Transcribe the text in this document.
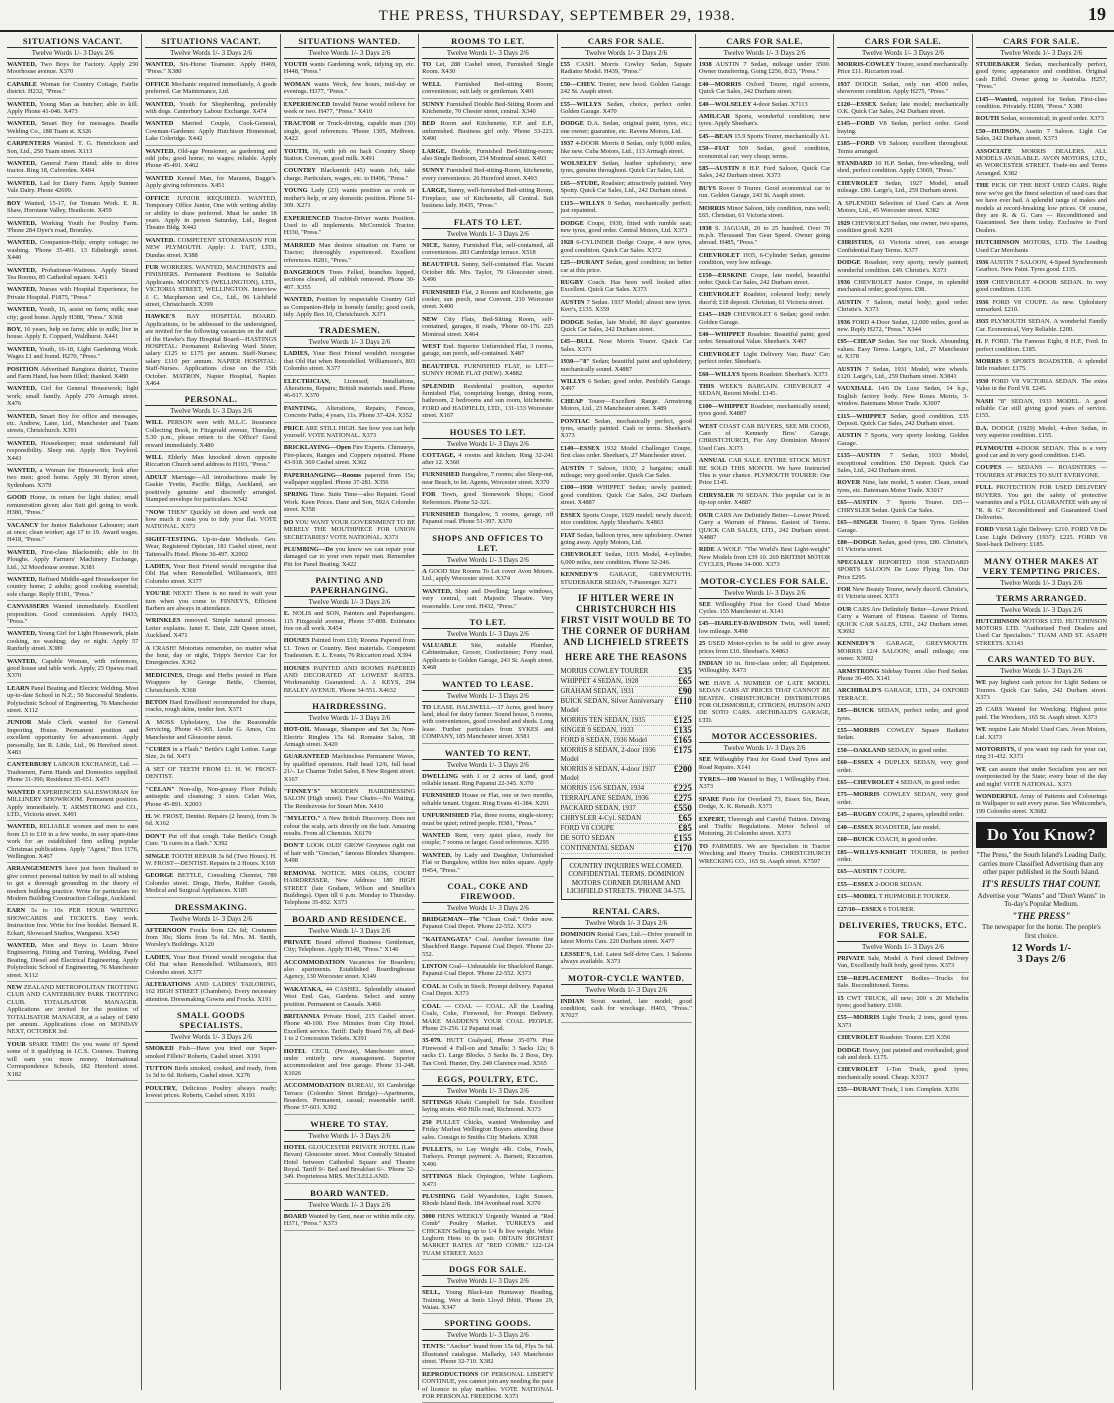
THE PRESS, THURSDAY, SEPTEMBER 29, 1938.	19
SITUATIONS VACANT.
Twelve Words 1/- 3 Days 2/6

WANTED, Two Boys for Factory. Apply 250 Moorhouse avenue. X370

CAPABLE Woman for Country Cottage, Fairlie district. H232, "Press."

WANTED, Young Man as butcher; able to kill. Apply Phone 41-046. X473

WANTED, Smart Boy for messages. Beadle Welding Co., 188 Tuam st. X326

CARPENTERS Wanted. T. G. Henrickson and Son, Ltd., 250 Tuam street. X113

WANTED, General Farm Hand; able to drive tractor. Ring 18, Culverden. X484

WANTED, Lad for Dairy Farm. Apply Sumner Vale Dairy. Phone 42699.

BOY Wanted, 15-17, for Tomato Work. E. R. Shaw, Horotane Valley, Heathcote. X459

WANTED, Working Youth for Poultry Farm. 'Phone 284 Dyer's road, Bromley.

WANTED, Companion-Help; empty cottage; no washing. 'Phone 35-491. 13 Edinburgh street. X440

WANTED, Probationer-Waitress. Apply Strand Tea Rooms, 85 Cathedral square. X451

WANTED, Nurses with Hospital Experience, for Private Hospital. P1875, "Press."

WANTED, Youth, 16, assist on farm; milk; near city; good home. Apply H388, "Press." X368

BOY, 16 years, help on farm; able to milk; live in house. Apply E. Coppard, Waldhurst. X441

WANTED, Youth, 16-18, Light Gardening Work. Wages £1 and found. H270, "Press."

POSITION Advertised Rangiora district, Tractor and Farm Hand, has been filled; thanked. X480

WANTED, Girl for General Housework; light work; small family. Apply 270 Armagh street. X476

WANTED, Smart Boy for office and messages, etc. Andrew, Lane, Ltd., Manchester and Tuam streets, Christchurch. X391

WANTED, Housekeeper; must understand full responsibility. Sleep out. Apply Box Twyford. X443

WANTED, a Woman for Housework; look after two men; good home. Apply 30 Byron street, Sydenham. X379

GOOD Home, in return for light duties; small remuneration given; also Suit girl going to work. H380, "Press."

VACANCY for Junior Bakehouse Labourer; start at once; clean worker; age 17 to 19. Award wages. H418, "Press."

WANTED, First-class Blacksmith; able to fit Ploughs. Apply Farmers' Machinery Exchange, Ltd., 32 Moorhouse avenue. X381

WANTED, Refined Middle-aged Housekeeper for country home; 2 adults; good cooking essential; sole charge. Reply H181, "Press."

CANVASSERS Wanted immediately. Excellent proposition. Good commission. Apply H433, "Press."

WANTED, Young Girl for Light Housework, plain cooking, no washing; day or night. Apply 57 Ranfurly street. X380

WANTED, Capable Woman, with references, good house and table work. Apply, 25 Opawa road. X370

LEARN Panel Beating and Electric Welding. Most up-to-date School in N.Z.; 50 Successful Students. Polytechnic School of Engineering, 76 Manchester street. X112

JUNIOR Male Clerk wanted for General Importing House. Permanent position and excellent opportunity for advancement. Apply personally, Ian R. Little, Ltd., 96 Hereford street. X483

CANTERBURY LABOUR EXCHANGE, Ltd. — Tradesmen, Farm Hands and Domestics supplied. Phone 31-396; Residence 35-651. X473

WANTED EXPERIENCED SALESWOMAN for MILLINERY SHOWROOM. Permanent position. Apply immediately. T. ARMSTRONG and CO., LTD., Victoria street. X491

WANTED, RELIABLE women and men to earn from £3 to £10 in a few weeks, in easy spare-time work for an established firm selling popular Christmas publications. Apply "Agent," Box 1176, Wellington. X467

ARRANGEMENTS have just been finalised to give correct personal tuition by mail to all wishing to get a thorough grounding in the theory of modern building practice. Write for particulars to: Modern Building Construction College, Auckland.

EARN 5s to 10s PER HOUR WRITING SHOWCARDS and TICKETS. Easy work. Instruction free. Write for free booklet. Bernard R. Eckart, Showcard Studios, Wanganui. X543

WANTED, Men and Boys to Learn Motor Engineering, Fitting and Turning, Welding, Panel Beating, Diesel and Electrical Engineering. Apply Polytechnic School of Engineering, 76 Manchester street. X112

NEW ZEALAND METROPOLITAN TROTTING CLUB AND CANTERBURY PARK TROTTING CLUB. TOTALISATOR MANAGER. Applications are invited for the position of TOTALISATOR MANAGER, at a salary of £400 per annum. Applications close on MONDAY NEXT, OCTOBER 3rd.

YOUR SPARE TIME! Do you waste it? Spend some of it qualifying in I.C.S. Courses. Training will earn you more money. International Correspondence Schools, 182 Hereford street. X182

SITUATIONS VACANT.
Twelve Words 1/- 3 Days 2/6

WANTED, Six-Horse Teamster. Apply H469, "Press." X380

OFFICE Mechanic required immediately, A grade preferred. Car Maintenance, Ltd.

WANTED, Youth for Shepherding, preferably with dogs. Canterbury Labour Exchange. X474

WANTED Married Couple, Cook-General, Cowman-Gardener. Apply Hutchison Homestead, Lake Coleridge. X442

WANTED, Old-age Pensioner, as gardening and odd jobs; good home; no wages; reliable. Apply Phone 45-491. X462

WANTED Kennel Man, for Maranui, Bagge's. Apply giving references. X451

OFFICE JUNIOR REQUIRED. WANTED, Temporary Office Junior, One with writing ability or ability to draw preferred. Must be under 18 years. Apply in person Saturday, Ltd., Regent Theatre Bldg. X442

WANTED. COMPETENT STONEMASON FOR NEW PLYMOUTH. Apply: J. TAIT, LTD., Dundas street. X388

FUR WORKERS. WANTED, MACHINISTS and FINISHERS. Permanent Positions to Suitable Applicants. MOONEYS (WELLINGTON), LTD., VICTORIA STREET, WELLINGTON. Interview J. C. Macpherson and Co., Ltd., 96 Lichfield street, Christchurch. X399

HAWKE'S BAY HOSPITAL BOARD. Applications, to be addressed to the undersigned, are invited for the following vacancies on the staff of the Hawke's Bay Hospital Board—HASTINGS HOSPITAL: Permanent Relieving Ward Sister; salary £125 to £175 per annum. Staff-Nurses; salary £110 per annum. NAPIER HOSPITAL: Staff-Nurses. Applications close on the 15th October. MATRON, Napier Hospital, Napier. X464

PERSONAL.
Twelve Words 1/- 3 Days 2/6

WILL PERSON seen with M.L.C. Insurance Collecting Book, in Fitzgerald avenue, Thursday, 5.30 p.m., please return to the Office? Good reward immediately. X480

WILL Elderly Man knocked down opposite Riccarton Church send address to H193, "Press."

ADULT Marriage—All introductions made by Gaskie Yvette, Pacific Bldgs, Auckland, are positively genuine and discreetly arranged. Stamped envelope for particulars. X542

"NOW THEN" Quickly sit down and work out how much it costs you to tidy your flat. VOTE NATIONAL. X373

SIGHT-TESTING. Up-to-date Methods. Geo. Wear, Registered Optician, 181 Cashel street, next Tattersall's Hotel. Phone 36-497. X2002

LADIES, Your Best Friend would recognise that Old Hat when Remodelled. Williamson's, 803 Colombo street. X377

YOU'RE NEXT! There is no need to wait your turn when you come to FINNEY'S, Efficient Barbers are always in attendance.

WRINKLES removed. Simple natural process. Letter explains. Janet E. Date, 228 Queen street, Auckland. X471

A CRASH! Motorists remember, no matter what the hour, day or night, Tripp's Service Car for Emergencies. X362

MEDICINES, Drugs and Herbs posted in Plain Wrappers by George Bettle, Chemist, Christchurch. X368

BETON Hard Emollient! recommended for chaps, cracks, rough skins, tender feet. X371

A MOSS Upholstery, Use the Reasonable Servicing, Phone 43-365. Leslie G. Amos, Cnr. Manchester and Gloucester street.

"CURES in a Flash." Bettle's Light Lotion. Large Size, 2s 6d. X471

A SET OF TEETH FROM £1. H. W. FROST-DENTIST.

"CELAN" Non-slip, Non-greasy Floor Polish; antiseptic and cleansing; 3 sizes. Celan Wax, Phone 45-891. X2003

H. W. FROST, Dentist. Repairs (2 hours), from 3s 6d. X162

DON'T Put off that cough. Take Bettle's Cough Cure. "It cures in a flash." X392

SINGLE TOOTH REPAIR 3s 6d (Two Hours). H. W. FROST—DENTIST. Repairs in 2 Hours. X169

GEORGE BETTLE, Consulting Chemist, 789 Colombo street. Drugs, Herbs, Rubber Goods, Medical and Surgical Appliances. X185

DRESSMAKING.
Twelve Words 1/- 3 Days 2/6

AFTERNOON Frocks from 12s 6d; Costumes from 30s; Skirts from 5s 6d. Mrs. M. Smith, Worsley's Buildings. X120

LADIES, Your Best Friend would recognise that Old Hat when Remodelled. Williamson's, 803 Colombo street. X377

ALTERATIONS AND LADIES' TAILORING, 162 HIGH STREET (Chambers). Every necessary attention. Dressmaking Gowns and Frocks. X191

SMALL GOODS SPECIALISTS.
Twelve Words 1/- 3 Days 2/6

SMOKED Fish—Have you tried our Super-smoked Fillets? Roberts, Cashel street. X191

TUTTON Birds smoked, cooked, and ready, from 1s 3d to 6d. Roberts, Cashel street. X276

POULTRY, Delicious Poultry always ready; lowest prices. Roberts, Cashel street. X191

SITUATIONS WANTED.
Twelve Words 1/- 3 Days 2/6

YOUTH wants Gardening work, tidying up, etc. H448, "Press."

WOMAN wants Work, few hours, mid-day or evenings. H377, "Press."

EXPERIENCED Invalid Nurse would relieve for week or two. H477, "Press." X410

TRACTOR or Truck-driving, capable man (30) single, good references. 'Phone 1305, Methven. X422

YOUTH, 16, with job on hack Country Sheep Station. Cowman, good milk. X491

COUNTRY Blacksmith (45) wants Job, take charge. Particulars, wages, etc. to H496, "Press."

YOUNG Lady (23) wants position as cook or mother's help, or any domestic position. Phone 51-309. X271

EXPERIENCED Tractor-Driver wants Position. Used to all implements. McCormick Tractor. H330, "Press."

MARRIED Man desires situation on Farm or Tractor; thoroughly experienced. Excellent references. H281, "Press."

DANGEROUS Trees Felled, branches lopped, sections cleared, all rubbish removed. Phone 30-407. X355

WANTED, Position by respectable Country Girl as Companion-Help in homely family; good cook, tidy. Apply Box 10, Christchurch. X371

TRADESMEN.
Twelve Words 1/- 3 Days 2/6

LADIES, Your Best Friend wouldn't recognise that Old Hat when Remodelled. Williamson's, 803 Colombo street. X377

ELECTRICIAN, Licensed; Installations, Alterations, Repairs; British materials used. Phone 46-017. X370

PAINTING, Alterations, Repairs, Fences, Concrete Paths; 4 years, 11s. Phone 37-424. X352

PRICE ARE STILL HIGH. See how you can help yourself. VOTE NATIONAL. X373

BRICKLAYING—Open Fire Experts. Chimneys, Fire-places, Ranges and Coppers repaired. Phone 43-918. 369 Cashel street. X362

PAPERHANGING—Rooms papered from 15s; wallpaper supplied. Phone 37-281. X356

SPRING Time. Suits Time—also Repaint. Good Work. Keen Prices. Dane and Son, 592A Colombo street. X358

DO YOU WANT YOUR GOVERNMENT TO BE MERELY THE MOUTHPIECE FOR UNION SECRETARIES? VOTE NATIONAL. X373

PLUMBING—Do you know we can repair your damaged car to your own repair man. Remember Pitt for Panel Beating. X422

PAINTING AND PAPERHANGING.
Twelve Words 1/- 3 Days 2/6

E. NOLIS and SON, Painters and Paperhangers. 115 Fitzgerald avenue, Phone 37-808. Estimates free on all work. X454

HOUSES Painted from £10; Rooms Papered from £1. Town or Country. Best materials. Competent Tradesmen. E. L. Evans, 76 Riccarton road. X394

HOUSES PAINTED AND ROOMS PAPERED AND DECORATED AT LOWEST RATES. Workmanship Guaranteed. A. J. KEYS, 294 BEALEY AVENUE. 'Phone 34-551. X4632

HAIRDRESSING.
Twelve Words 1/- 3 Days 2/6

HOT-OIL Massage, Shampoo and Set 3s; Non-Electric Ringlets 15s 6d. Romaine Salon, 38 Armagh street. X420

GUARANTEED Machineless Permanent Waves, by qualified operators. Half head 12/6, full head 21/-. Le Charme Toilet Salon, 8 New Regent street. X167

"FINNEY'S" MODERN HAIRDRESSING SALON (High street). Four Chairs—No Waiting. The Rendezvous for Smart Men. X410

"MYLETO." A New British Discovery. Does not colour the scalp, acts directly on the hair. Amazing results. From all Chemists. X6179

DON'T LOOK OLD! GROW Greyness right out of hair with "Grecian," famous Blondex Shampoo. X498

REMOVAL NOTICE. MRS OLDS, COURT HAIRDRESSER, New Address: 180 HIGH STREET (late Graham, Wilson and Smellie's Buildings). Open till 6 p.m. Monday to Thursday. Telephone 35-852. X373

BOARD AND RESIDENCE.
Twelve Words 1/- 3 Days 2/6

PRIVATE Board offered Business Gentleman, City; Telephone. Apply H148, "Press." X146

ACCOMMODATION Vacancies for Boarders; also apartments. Established Boardinghouse Agency, 130 Worcester street. X149

WAKATAKA, 44 CASHEL. Splendidly situated West End. Gas, Gardens. Select and sunny position. Permanent or Casuals. X466

BRITANNIA Private Hotel, 215 Cashel street. Phone 40-100. Five Minutes from City Hotel. Excellent service. Tariff: Daily Board 7/6, all Bed-1 to 2 Concession Tickets. X391

HOTEL CECIL (Private), Manchester street, under entirely new management. Superior accommodation and free garage. Phone 31-248. X1026

ACCOMMODATION BUREAU, 93 Cambridge Terrace (Colombo Street Bridge)—Apartments, Boarders. Permanent, casual; reasonable tariff. Phone 37-603. X392

WHERE TO STAY.
Twelve Words 1/- 3 Days 2/6

HOTEL GLOUCESTER PRIVATE HOTEL (Late Bevan) Gloucester street. Most Centrally Situated Hotel between Cathedral Square and Theatre Royal. Tariff 9/- Bed and Breakfast 6/-. 'Phone 32-349. Proprietress MRS. McCLELLAND.

BOARD WANTED.
Twelve Words 1/- 3 Days 2/6

BOARD Wanted by Gent, near or within mile city. H371, "Press." X373

ROOMS TO LET.
Twelve Words 1/- 3 Days 2/6

TO Let, 288 Cashel street, Furnished Single Room. X430

WELL Furnished Bed-sitting Room; conveniences; suit lady or gentleman. X401

SUNNY Furnished Double Bed-Sitting Room and Kitchenette, 70 Chester street, central. X340

BED Room and Kitchenette, F.P. and E.P., unfurnished. Business girl only. 'Phone 33-223. X490

LARGE, Double, Furnished Bed-Sitting-room; also Single Bedroom, 234 Montreal street. X493

SUNNY Furnished Bed-sitting-Room, kitchenette, every convenience. 26 Hereford street. X493

LARGE, Sunny, well-furnished Bed-sitting Room, Fireplace, use of Kitchenette, all Central. Suit business lady. H435, "Press."

FLATS TO LET.
Twelve Words 1/- 3 Days 2/6

NICE, Sunny, Furnished Flat, self-contained, all conveniences. 283 Cambridge terrace. X518

BEAUTIFUL Sunny, Self-contained Flat. Vacant October 8th. Mrs. Taylor, 79 Gloucester street. X496

FURNISHED Flat, 2 Rooms and Kitchenette, gas cooker, sun porch, near Convent. 210 Worcester street. X400

NEW City Flats, Bed-Sitting Room, self-contained, garages, 8 roads, 'Phone 60-176. 225 Montreal street. X464

WEST End. Superior Unfurnished Flat, 3 rooms, garage, sun porch, self-contained. X487

BEAUTIFUL FURNISHED FLAT, to LET—SUNNY HOME FLAT (NEW). X4882

SPLENDID Residential position, superior furnished Flat, comprising lounge, dining room, bathroom, 2 bedrooms and sun room, kitchenette. FORD and HADFIELD, LTD., 131-133 Worcester street. X167

HOUSES TO LET.
Twelve Words 1/- 3 Days 2/6

COTTAGE, 4 rooms and kitchen. Ring 32-241 after 12. X360

FURNISHED Bungalow, 7 rooms; also Sleep-out, near Beach, to let. Agents, Worcester street. X370

FOR Town, good Stonework Shops; Good References. Phone 52-321.

FURNISHED Bungalow, 5 rooms, garage, off Papanui road. Phone 51-397. X370

SHOPS AND OFFICES TO LET.
Twelve Words 1/- 3 Days 2/6

A GOOD Size Rooms To Let cover Avon Motors. Ltd., apply Worcester street. X374

WANTED, Shop and Dwelling; large windows, very central, suit Majestic Theatre. Very reasonable. Low rent. H432, "Press."

TO LET.
Twelve Words 1/- 3 Days 2/6

VALUABLE Site, suitable Plumber, Cabinetmaker, Grocer, Confectioner; Ferry road. Applicants to Golden Garage, 243 St. Asaph street. X468

WANTED TO LEASE.
Twelve Words 1/- 3 Days 2/6

TO LEASE. HALSWELL—37 Acres, good heavy land, ideal for dairy farmer. Sound house, 5 rooms, with conveniences, good cowshed and sheds. Long lease. Further particulars from SYKES and COMPANY, 185 Manchester street. X581

WANTED TO RENT.
Twelve Words 1/- 3 Days 2/6

DWELLING with 1 or 2 acres of land, good reliable tenant. Ring Papanui 22-345. X370

FURNISHED House or Flat, one or two months, reliable tenant. Urgent. Ring Evans 41-384. X291

UNFURNISHED Flat, three rooms, single-storey; must be quiet; retired people. H381, "Press."

WANTED Rent, very quiet place, ready for couple; 7 rooms or larger. Good references. X295

WANTED, by Lady and Daughter, Unfurnished Flat or Bungalow, within two miles square. Apply H454, "Press."

COAL, COKE AND FIREWOOD.
Twelve Words 1/- 3 Days 2/6

BRIDGEMAN—The "Clean Coal." Order now. Papanui Coal Depot. 'Phone 22-552. X373

"KAITANGATA" Coal. Another favourite fine Shackford Range. Papanui Coal Depot. 'Phone 22-552.

LINTON Coal—Unbeatable for Shackford Range. Papanui Coal Depot. 'Phone 22-552. X373

COAL in Coils in Stock. Prompt delivery. Papanui Coal Depot. X373

COAL — COAL — COAL. All the Leading Coals, Coke, Firewood, for Prompt Delivery. MAKE MADDEN'S YOUR COAL PEOPLE. Phone 23-256. 12 Papanui road.

35-079. HUTT Coalyard, Phone 35-079. Pine Firewood 4 Full-on and Smalls: 3 Sacks 12s; 6 sacks £1. Large Blocks. 3 Sacks 8s. 2 Boss, Dry. Tan Cord. Hunter, Dry. 249 Clarence road. X565

EGGS, POULTRY, ETC.
Twelve Words 1/- 3 Days 2/6

SITTINGS Khaki Campbell for Sale. Excellent laying strain. 460 Hills road, Richmond. X373

250 PULLET Chicks, wanted Wednesday and Friday Marlest Wellington Buyers attending those sales. Consign to Smiths City Markets. X398

PULLETS, to Lay Weight 4lb. Cobs, Fowls, Turkeys. Prompt payment. A. Barnett, Riccarton. X496

SITTINGS Black Orpington, White Leghorn. X473

PLUSHING Gold Wyandottes, Light Sussex. Rhode Island Reds. 184 Avonhead road. X370

3000 HENS WEEKLY Urgently Wanted at "Red Comb" Poultry Market. TURKEYS and CHICKEN Selling up to 1/4 lb live weight. White Leghorn Hens to 8s pair. OBTAIN HIGHEST MARKET RATES AT "RED COMB." 122-124 TUAM STREET. X633

DOGS FOR SALE.
Twelve Words 1/- 3 Days 2/6

SELL, Young Black-tan Huntaway Heading, Training, Weir at Innis Lloyd Ibbitt. 'Phone 29, Waiau. X347

SPORTING GOODS.
Twelve Words 1/- 3 Days 2/6

TENTS: "Anchor" brand from 15s 6d, Flys 5s 6d. Illustrated catalogue. Mallarky, 143 Manchester street. 'Phone 32-710. X382

REPRODUCTIONS OF PERSONAL LIBERTY CONTINUE, you cannot join any needing the pace of licence to play marbles. VOTE NATIONAL FOR PERSONAL FREEDOM. X373

CARS FOR SALE.
Twelve Words 1/- 3 Days 2/6

£55 CASH. Morris Cowley Sedan, Square Radiator Model. H439, "Press."

£50—CHEV. Tourer, new hood. Golden Garage. 242 St. Asaph street.

£55—WILLYS Sedan, choice, perfect order. Golden Garage. X470

DODGE D.A. Sedan, original paint, tyres, etc.; one owner; guarantee, etc. Ravens Motors, Ltd.

1937 4-DOOR Morris 8 Sedan, only 9,000 miles, like new. Cuba Motors, Ltd., 113 Armagh street.

WOLSELEY Sedan, leather upholstery; new tyres, genuine throughout. Quick Car Sales, Ltd.

£65—STUDE, Roadster; attractively painted. Very Spotty. Quick Car Sales, Ltd., 242 Durham street.

£115—WILLYS 9 Sedan, mechanically perfect; just repainted.

DODGE Coupe, 1930, fitted with rumble seat; new tyres, good order. Central Motors, Ltd. X373

1928 6-CYLINDER Dodge Coupe, 4 new tyres, good condition. Quick Car Sales. X372

£25—DURANT Sedan, good condition; no better car at this price.

RUGBY Coach. Has been well looked after. Excellent. Quick Car Sales. X373

AUSTIN 7 Sedan. 1937 Model; almost new tyres. Kerr's, £135. X359

DODGE Sedan, late Model, 80 days' guarantee. Quick Car Sales, 242 Durham street.

£45—BULL Nose Morris Tourer. Quick Car Sales. X373

1930—"8" Sedan; beautiful paint and upholstery; mechanically sound. X4887

WILLYS 6 Sedan; good order. Penfold's Garage. X497

CHEAP Tourer—Excellent Range. Armstrong Motors, Ltd., 23 Manchester street. X489

PONTIAC Sedan, mechanically perfect, good tyres, smartly painted. Cash or terms. Sheehan's. X373

£140—ESSEX 1932 Model Challenger Coupe, first class order. Sheehan's, 27 Manchester street.

AUSTIN 7 Saloon, 1930; 2 bargains; small mileage; very good order. Quick Car Sales.

£100—1930 WHIPPET Sedan; newly painted; good condition. Quick Car Sales, 242 Durham street. X4887

ESSEX Sports Coupe, 1929 model; newly duco'd; nice condition. Apply Sheehan's. X4863

FIAT Sedan, balloon tyres, new upholstery. Owner going away. Apply Motors, Ltd.

CHEVROLET Sedan, 1935 Model, 4-cylinder, 6,000 miles, new condition. Phone 32-246.

KENNEDY'S GARAGE, GREYMOUTH. STUDEBAKER SEDAN, 7-Passenger. X271

IF HITLER WERE IN CHRISTCHURCH HIS FIRST VISIT WOULD BE TO THE CORNER OF DURHAM AND LICHFIELD STREETS
HERE ARE THE REASONS
MORRIS COWLEY TOURER	£35
WHIPPET 4 SEDAN, 1928	£65
GRAHAM SEDAN, 1931	£90
BUICK SEDAN, Silver Anniversary Model
£110
MORRIS TEN SEDAN, 1935	£125
SINGER 9 SEDAN, 1933	£135
FORD 8 SEDAN, 1936 Model	£165
MORRIS 8 SEDAN, 2-door 1936 Model
£175
MORRIS 8 SEDAN, 4-door 1937 Model
£200
MORRIS 15/6 SEDAN, 1934	£225
TERRAPLANE SEDAN, 1936	£275
PACKARD SEDAN, 1937	£550
CHRYSLER 4-Cyl. SEDAN	£65
FORD V8 COUPE	£85
DE SOTO SEDAN	£155
CONTINENTAL SEDAN	£170
COUNTRY INQUIRIES WELCOMED. CONFIDENTIAL TERMS. DOMINION MOTORS CORNER DURHAM AND LICHFIELD STREETS. 'PHONE 34-575.
RENTAL CARS.
Twelve Words 1/- 3 Days 2/6

DOMINION Rental Cars, Ltd.—Drive yourself in latest Morris Cars. 220 Durham street. X477

LESSEE'S, Ltd. Latest Self-drive Cars. 1 Saloons always available. X373

MOTOR-CYCLE WANTED.
Twelve Words 1/- 3 Days 2/6

INDIAN Scout wanted, late model; good condition; cash for wreckage. H403, "Press." X7027

CARS FOR SALE.
Twelve Words 1/- 3 Days 2/6

1938 AUSTIN 7 Sedan, mileage under 3500. Owner transferring. Going £256, 8/23, "Press."

£40—MORRIS Oxford Tourer, rigid screens, Quick Car Sales, 242 Durham street.

£40—WOLSELEY 4-door Sedan. X7113

AMILCAR Sports, wonderful condition; new tyres. Apply Sheehan's.

£45—BEAN 15.9 Sports Tourer, mechanically A1.

£50—FIAT 509 Sedan, good condition, economical car; very cheap; terms.

£85—AUSTIN 8 H.P. Ford Saloon, Quick Car Sales, 242 Durham street. X373

BUYS Rover 9 Tourer. Good economical car to run. Golden Garage, 243 St. Asaph street.

MORRIS Minor Saloon, tidy condition, runs well; £65. Christian, 61 Victoria street.

1938 S. JAGUAR, 20 to 25 hundred. Over 70 m.p.h. Thousand Ton Gear Speed. Owner going abroad. H485, "Press."

CHEVROLET 1935, 6-Cylinder Sedan, genuine condition, very low mileage.

£150—ERSKINE Coupe, late model, beautiful order. Quick Car Sales, 242 Durham street.

CHEVROLET Roadster, coloured body; newly duco'd; £18 deposit. Christian, 61 Victoria street.

£145—1929 CHEVROLET 6 Sedan; good order. Golden Garage.

£40—WHIPPET Roadster. Beautiful paint; good order. Sensational Value. Sheehan's. X497

CHEVROLET Light Delivery Van; Buzz' Car; perfect order. Sheehan's.

£60—WILLYS Sports Roadster. Sheehan's. X373

THIS WEEK'S BARGAIN. CHEVROLET 4 SEDAN, Recent Model. £145.

£100—WHIPPET Roadster, mechanically sound; tyres good. X4887

WEST COAST CAR BUYERS, SEE MR COOD, Care of Kennedy Bros' Garage, CHRISTCHURCH, For Any Dominion Motors' Used Cars. X373

ANNUAL CAR SALE. ENTIRE STOCK MUST BE SOLD THIS MONTH. We have Instructed This is your chance. PLYMOUTH TOURER: Our Price £145.

CHRYSLER 70 SEDAN. This popular car is in tip-top order. X4887

OUR CARS Are Definitely Better—Lower Priced. Carry a Warrant of Fitness. Easiest of Terms. QUICK CAR SALES, LTD., 242 Durham street. X4887

RIDE A WOLF. "The World's Best Light-weight" New Models from £39 10. 269 BRITISH MOTOR CYCLES, Phone 34-000. X373

MOTOR-CYCLES FOR SALE.
Twelve Words 1/- 3 Days 2/6

SEE Willoughby First for Good Used Motor Cycles. 155 Manchester st. X141

£45—HARLEY-DAVIDSON Twin, well tuned; low mileage. X498

25 USED Motor-cycles to be sold to give away prices from £10. Sheehan's. X4863

INDIAN 10 in. first-class order; all Equipment. Willoughby. X473

WE HAVE A NUMBER OF LATE MODEL SEDAN CARS AT PRICES THAT CANNOT BE BEATEN. CHRISTCHURCH DISTRIBUTORS FOR OLDSMOBILE, CITROEN, HUDSON AND DE SOTO CARS. ARCHIBALD'S GARAGE, LTD.

MOTOR ACCESSORIES.
Twelve Words 1/- 3 Days 2/6

SEE Willoughby First for Good Used Tyres and Road Repairs. X141

TYRES—100 Wanted to Buy, 1 Willoughby First. X373

SPARE Parts for Overland 73, Essex Six, Bean, Dodge, X. K. Renault. X373

EXPERT, Thorough and Careful Tuition. Driving and Traffic Regulations. Motor School of Motoring, 26 Colombo street. X373

TO FARMERS. We are Specialists in Tractor Wrecking and Heavy Trucks. CHRISTCHURCH WRECKING CO., 165 St. Asaph street. X7597

CARS FOR SALE.
Twelve Words 1/- 3 Days 2/6

MORRIS-COWLEY Tourer, sound mechanically. Price £11. Riccarton road.

1937 DODGE Sedan, only run 4500 miles, showroom condition. Apply H275, "Press."

£120—ESSEX Sedan; late model; mechanically O.K. Quick Car Sales, 242 Durham street.

£145—FORD V8 Sedan, perfect order. Good buying.

£185—FORD V8 Saloon; excellent throughout. Terms arranged.

STANDARD 10 H.P. Sedan, free-wheeling, well shod, perfect condition. Apply £3669, "Press."

CHEVROLET Sedan, 1927 Model, small mileage. £80. Large's, Ltd., 259 Durham street.

A SPLENDID Selection of Used Cars at Avon Motors, Ltd., 45 Worcester street. X382

1929 CHEVROLET Sedan, one owner, two spares, condition good. X291

CHRISTIES, 61 Victoria street, can arrange Confidential Easy Terms. X377

DODGE Roadster, very sporty, newly painted; wonderful condition. £49. Christie's. X373

1936 CHEVROLET Junior Coupe, in splendid mechanical order; good tyres. £98.

AUSTIN 7 Saloon, metal body; good order. Christie's. X373

1936 FORD 4-Door Sedan, 12,000 miles, good as new. Reply H272, "Press." X344

£95—CHEAP Sedan. See our Stock. Abounding values. Easy Terms. Large's, Ltd., 27 Manchester st. X378

AUSTIN 7 Sedan, 1931 Model; wire wheels. £120. Large's, Ltd., 259 Durham street. X3841

VAUXHALL 14/6 De Luxe Sedan, 14 h.p., English factory body. New Roses Morris, 3-window. Batemans Motor Trade. X3007

£115—WHIPPET Sedan, good condition. £35 Deposit. Quick Car Sales, 242 Durham street.

AUSTIN 7 Sports, very sporty looking. Golden Garage.

£135—AUSTIN 7 Sedan, 1933 Model, exceptional condition. £50 Deposit. Quick Car Sales, Ltd., 242 Durham street.

ROVER Nine, late model, 5 seater. Clean, sound tyres, etc. Batemans Motor Trade. X3017

£65—AUSTIN 7 Sports Tourer. £65—CHRYSLER Sedan. Quick Car Sales.

£65—SINGER Tourer; 6 Spare Tyres. Golden Garage.

£80—DODGE Sedan, good tyres, £80. Christie's, 61 Victoria street.

SPECIALLY REPORTED 1938 STANDARD SPORTS SALOON De Luxe Flying Ten. Our Price £295.

FOR New Beauty Tourer, newly duco'd. Christie's, 61 Victoria street. X373

OUR CARS Are Definitely Better—Lower Priced. Carry a Warrant of Fitness. Easiest of Terms. QUICK CAR SALES, LTD., 242 Durham street. X3692

KENNEDY'S GARAGE, GREYMOUTH. MORRIS 12/4 SALOON; small mileage; one owner. X3692

ARMSTRONG Sidebay Tourer. Also Ford Sedan. Phone 36-495. X141

ARCHIBALD'S GARAGE, LTD., 24 OXFORD TERRACE.

£85—BUICK SEDAN, perfect order, and good tyres.

£55—MORRIS COWLEY Square Radiator Sedan.

£50—OAKLAND SEDAN, in good order.

£60—ESSEX 4 DUPLEX SEDAN, very good order.

£65—CHEVROLET 4 SEDAN, in good order.

£75—MORRIS COWLEY SEDAN, very good order.

£45—RUGBY COUPE, 2 spares, splendid order.

£40—ESSEX ROADSTER, late model.

£60—BUICK COACH, in good order.

£85—WILLYS-KNIGHT TOURER, in perfect order.

£65—AUSTIN 7 COUPE.

£55—ESSEX 2-DOOR SEDAN.

£15—MODEL T HUPMOBILE TOURER.

£27/10—ESSEX 6 TOURER.

DELIVERIES, TRUCKS, ETC. FOR SALE.
Twelve Words 1/- 3 Days 2/6

PRIVATE Sale, Model A Ford closed Delivery Van, Excellently built body, good tyres. X373

£50—REPLACEMENT Bodies—Trucks for Sale. Reconditioned. Terms.

15 CWT TRUCK, all new; 200 x 20 Michelin tyres; good battery. £160.

£55—MORRIS Light Truck; 2 tons, good tyres. X373

CHEVROLET Roadster. Tourer. £35 X356

DODGE Heavy, just painted and overhauled; good cab and deck. £175.

CHEVROLET 1-Ton Truck, good tyres; mechanically sound. Cheap. X3317

£55—DURANT Truck, 1 ton. Complete. X356

CARS FOR SALE.
Twelve Words 1/- 3 Days 2/6

STUDEBAKER Sedan, mechanically perfect, good tyres; appearance and condition. Original cash Eiffel. Owner going to Australia. H257, "Press."

£145—Wanted, required for Sedan. First-class condition. Privately. H289, "Press." X380

ROUTH Sedan, economical; in good order. X373

£50—HUDSON, Austin 7 Saloon. Light Car Sales, 242 Durham street. X373

ASSOCIATE MORRIS DEALERS. ALL MODELS AVAILABLE. AVON MOTORS, LTD., 45 WORCESTER STREET. Trade-ins and Terms Arranged. X382

THE PICK OF THE BEST USED CARS. Right now we've got the finest selection of used cars that we have ever had. A splendid range of makes and models at record-breaking low prices. Of course, they are R. & G. Cars — Reconditioned and Guaranteed. See them today. Exclusive to Ford Dealers.

HUTCHINSON MOTORS, LTD. The Leading Used Car Merchants

1936 AUSTIN 7 SALOON, 4-Speed Synchromesh Gearbox. New Paint. Tyres good. £135.

1939 CHEVROLET 4-DOOR SEDAN. In very good condition. £135.

1936 FORD V8 COUPE. As new. Upholstery unmarked. £210.

1935 PLYMOUTH SEDAN. A wonderful Family Car. Economical, Very Reliable. £200.

H. P. FORD. The Famous Eight, 8 H.P., Ford. In perfect condition. £185.

MORRIS 8 SPORTS ROADSTER. A splendid little roadster. £175.

1930 FORD V8 VICTORIA SEDAN. The extra Value in the Ford V8. £245.

NASH "8" SEDAN, 1933 MODEL. A good reliable Car still giving good years of service. £155.

D.A. DODGE (1929) Model, 4-door Sedan, in very superior condition. £155.

PLYMOUTH 4-DOOR SEDAN. This is a very good car and in very good condition. £145.

COUPES — SEDANS — ROADSTERS — TOURERS AT PRICES TO SUIT EVERYONE.

FULL PROTECTION FOR USED DELIVERY BUYERS. You get the safety of protective warranties and a FULL GUARANTEE with any of "R. & G." Reconditioned and Guaranteed Used Deliveries.

FORD V8/68 Light Delivery: £210. FORD V8 De Luxe Light Delivery (1937): £225. FORD V8 Steel-back Delivery: £185.

MANY OTHER MAKES AT VERY TEMPTING PRICES.
Twelve Words 1/- 3 Days 2/6
TERMS ARRANGED.
Twelve Words 1/- 3 Days 2/6

HUTCHINSON MOTORS LTD. HUTCHINSON MOTORS LTD. "Authorised Ford Dealers and Used Car Specialists." TUAM AND ST. ASAPH STREETS. X3143

CARS WANTED TO BUY.
Twelve Words 1/- 3 Days 2/6

WE pay highest cash prices for Light Sedans or Tourers. Quick Car Sales, 242 Durham street. X373

25 CARS Wanted for Wrecking. Highest price paid. The Wreckers, 165 St. Asaph street. X373

WE require Late Model Used Cars. Avon Motors, Ltd. X373

MOTORISTS, if you want top cash for your car, ring 31-432. X373

WE can assure that under Socialism you are not overprotected by the State; every hour of the day and night! VOTE NATIONAL. X373

WONDERFUL Array of Patterns and Colourings in Wallpaper to suit every purse. See Whitcombe's, 199 Colombo street. X3682

Do You Know?
"The Press," the South Island's Leading Daily, carries more Classified Advertising than any other paper published in the South Island.

IT'S RESULTS THAT COUNT.
Advertise your "Wants" and "Don't Wants" in To-day's Popular Medium.

"THE PRESS"
The newspaper for the home. The people's first choice.

12 Words 1/-
3 Days 2/6
